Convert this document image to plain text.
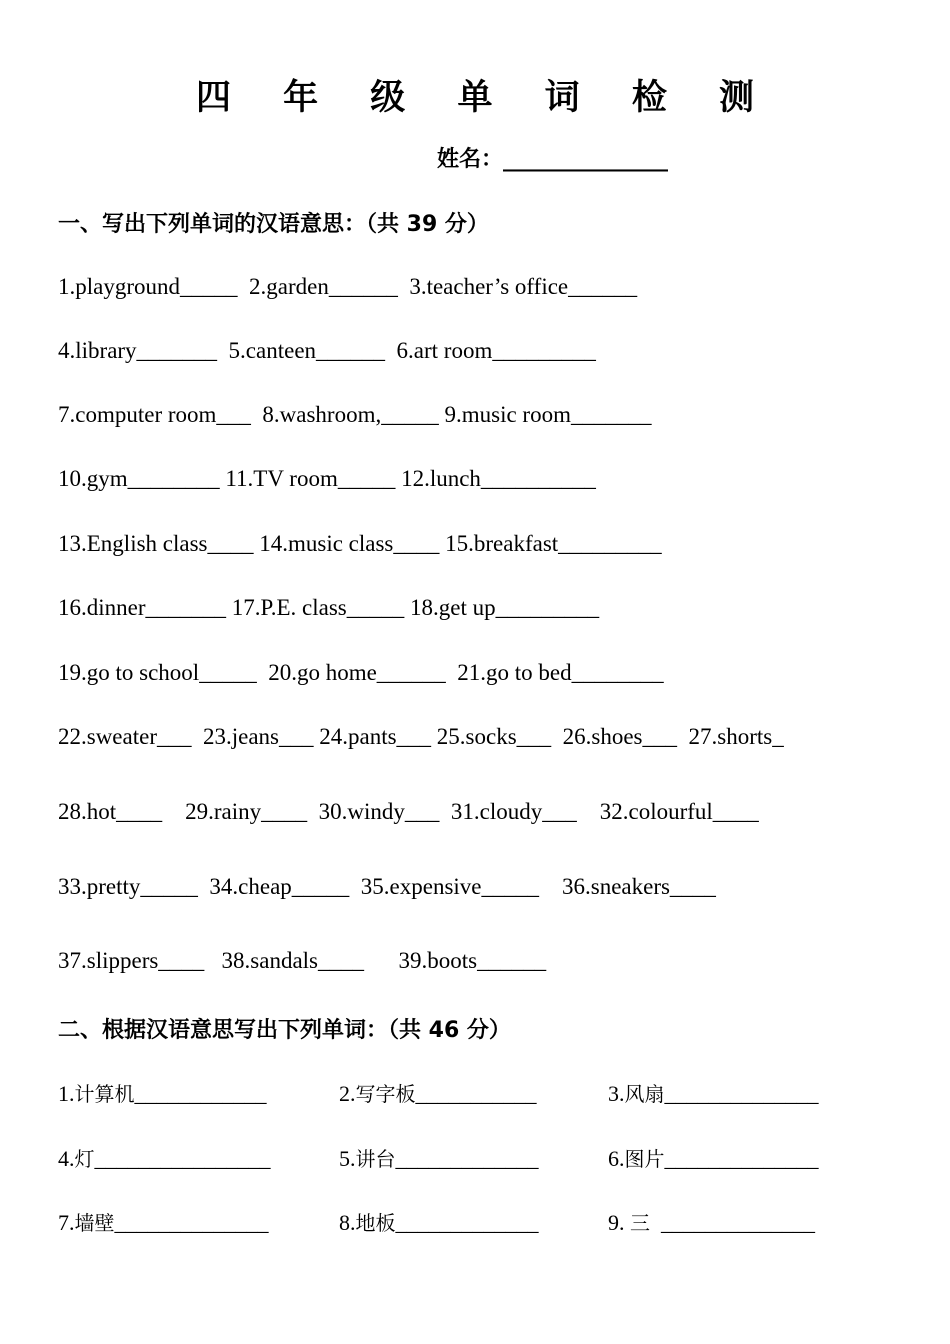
四 年 级 单 词 检 测
姓名：_______________
一、写出下列单词的汉语意思：（共 39 分）
1.playground_____  2.garden______  3.teacher’s office______
4.library_______  5.canteen______  6.art room_________
7.computer room___  8.washroom,_____ 9.music room_______
10.gym________ 11.TV room_____ 12.lunch__________
13.English class____ 14.music class____ 15.breakfast_________
16.dinner_______ 17.P.E. class_____ 18.get up_________
19.go to school_____  20.go home______  21.go to bed________
22.sweater___  23.jeans___ 24.pants___ 25.socks___  26.shoes___  27.shorts_
28.hot____    29.rainy____  30.windy___  31.cloudy___    32.colourful____
33.pretty_____  34.cheap_____  35.expensive_____    36.sneakers____
37.slippers____   38.sandals____      39.boots______
二、根据汉语意思写出下列单词：（共 46 分）
1.计算机____________	2.写字板___________	3.风扇______________
4.灯________________	5.讲台_____________	6.图片______________
7.墙壁______________	8.地板_____________	9. 三  ______________
